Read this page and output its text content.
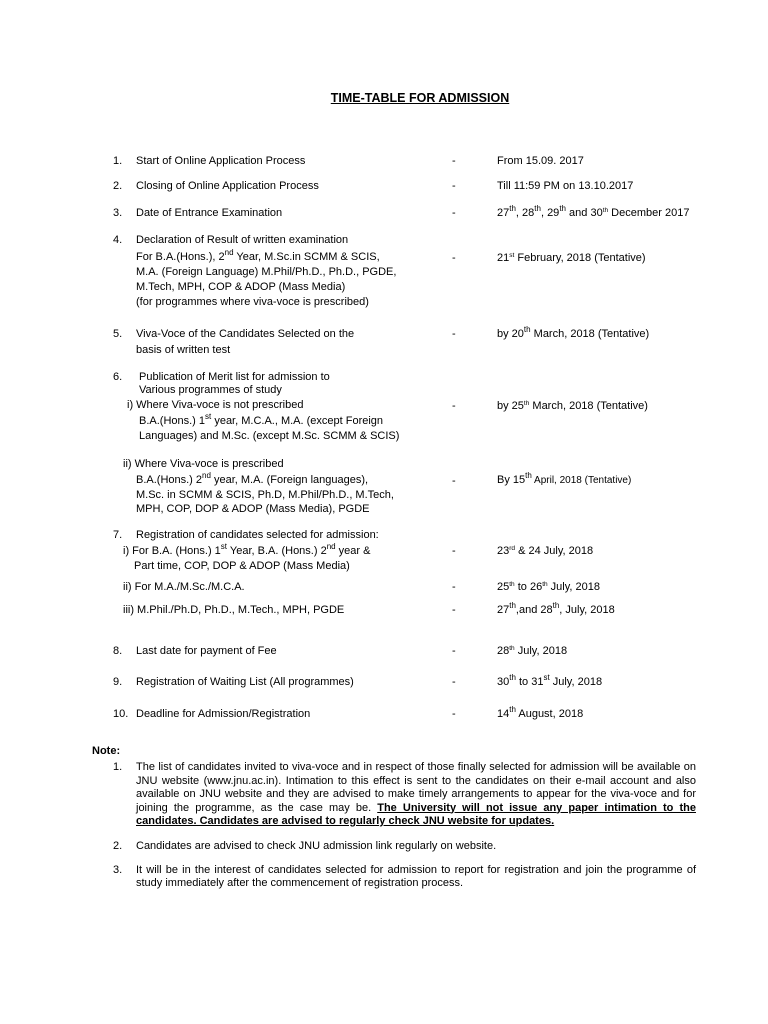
TIME-TABLE FOR ADMISSION
1. Start of Online Application Process	-	From 15.09. 2017
2. Closing of Online Application Process	-	Till 11:59 PM on 13.10.2017
3. Date of Entrance Examination	-	27th, 28th, 29th and 30th December 2017
4. Declaration of Result of written examination
For B.A.(Hons.), 2nd Year, M.Sc.in SCMM & SCIS,
M.A. (Foreign Language) M.Phil/Ph.D., Ph.D., PGDE,
M.Tech, MPH, COP & ADOP (Mass Media)
(for programmes where viva-voce is prescribed)
-	21st February, 2018 (Tentative)
5. Viva-Voce of the Candidates Selected on the
basis of written test
-	by 20th March, 2018 (Tentative)
6. Publication of Merit list for admission to
Various programmes of study
i) Where Viva-voce is not prescribed
B.A.(Hons.) 1st year, M.C.A., M.A. (except Foreign
Languages) and M.Sc. (except M.Sc. SCMM & SCIS)
-	by 25th March, 2018 (Tentative)
ii) Where Viva-voce is prescribed
B.A.(Hons.) 2nd year, M.A. (Foreign languages),
M.Sc. in SCMM & SCIS, Ph.D, M.Phil/Ph.D., M.Tech,
MPH, COP, DOP & ADOP (Mass Media), PGDE
-	By 15th April, 2018 (Tentative)
7. Registration of candidates selected for admission:
i) For B.A. (Hons.) 1st Year, B.A. (Hons.) 2nd year &
Part time, COP, DOP & ADOP (Mass Media)
-	23rd & 24 July, 2018
ii) For M.A./M.Sc./M.C.A.	-	25th to 26th July, 2018
iii) M.Phil./Ph.D, Ph.D., M.Tech., MPH, PGDE	-	27th,and 28th, July, 2018
8. Last date for payment of Fee	-	28th July, 2018
9. Registration of Waiting List (All programmes)	-	30th to 31st July, 2018
10. Deadline for Admission/Registration	-	14th August, 2018
Note:
1. The list of candidates invited to viva-voce and in respect of those finally selected for admission will be available on JNU website (www.jnu.ac.in). Intimation to this effect is sent to the candidates on their e-mail account and also available on JNU website and they are advised to make timely arrangements to appear for the viva-voce and for joining the programme, as the case may be. The University will not issue any paper intimation to the candidates. Candidates are advised to regularly check JNU website for updates.
2. Candidates are advised to check JNU admission link regularly on website.
3. It will be in the interest of candidates selected for admission to report for registration and join the programme of study immediately after the commencement of registration process.
